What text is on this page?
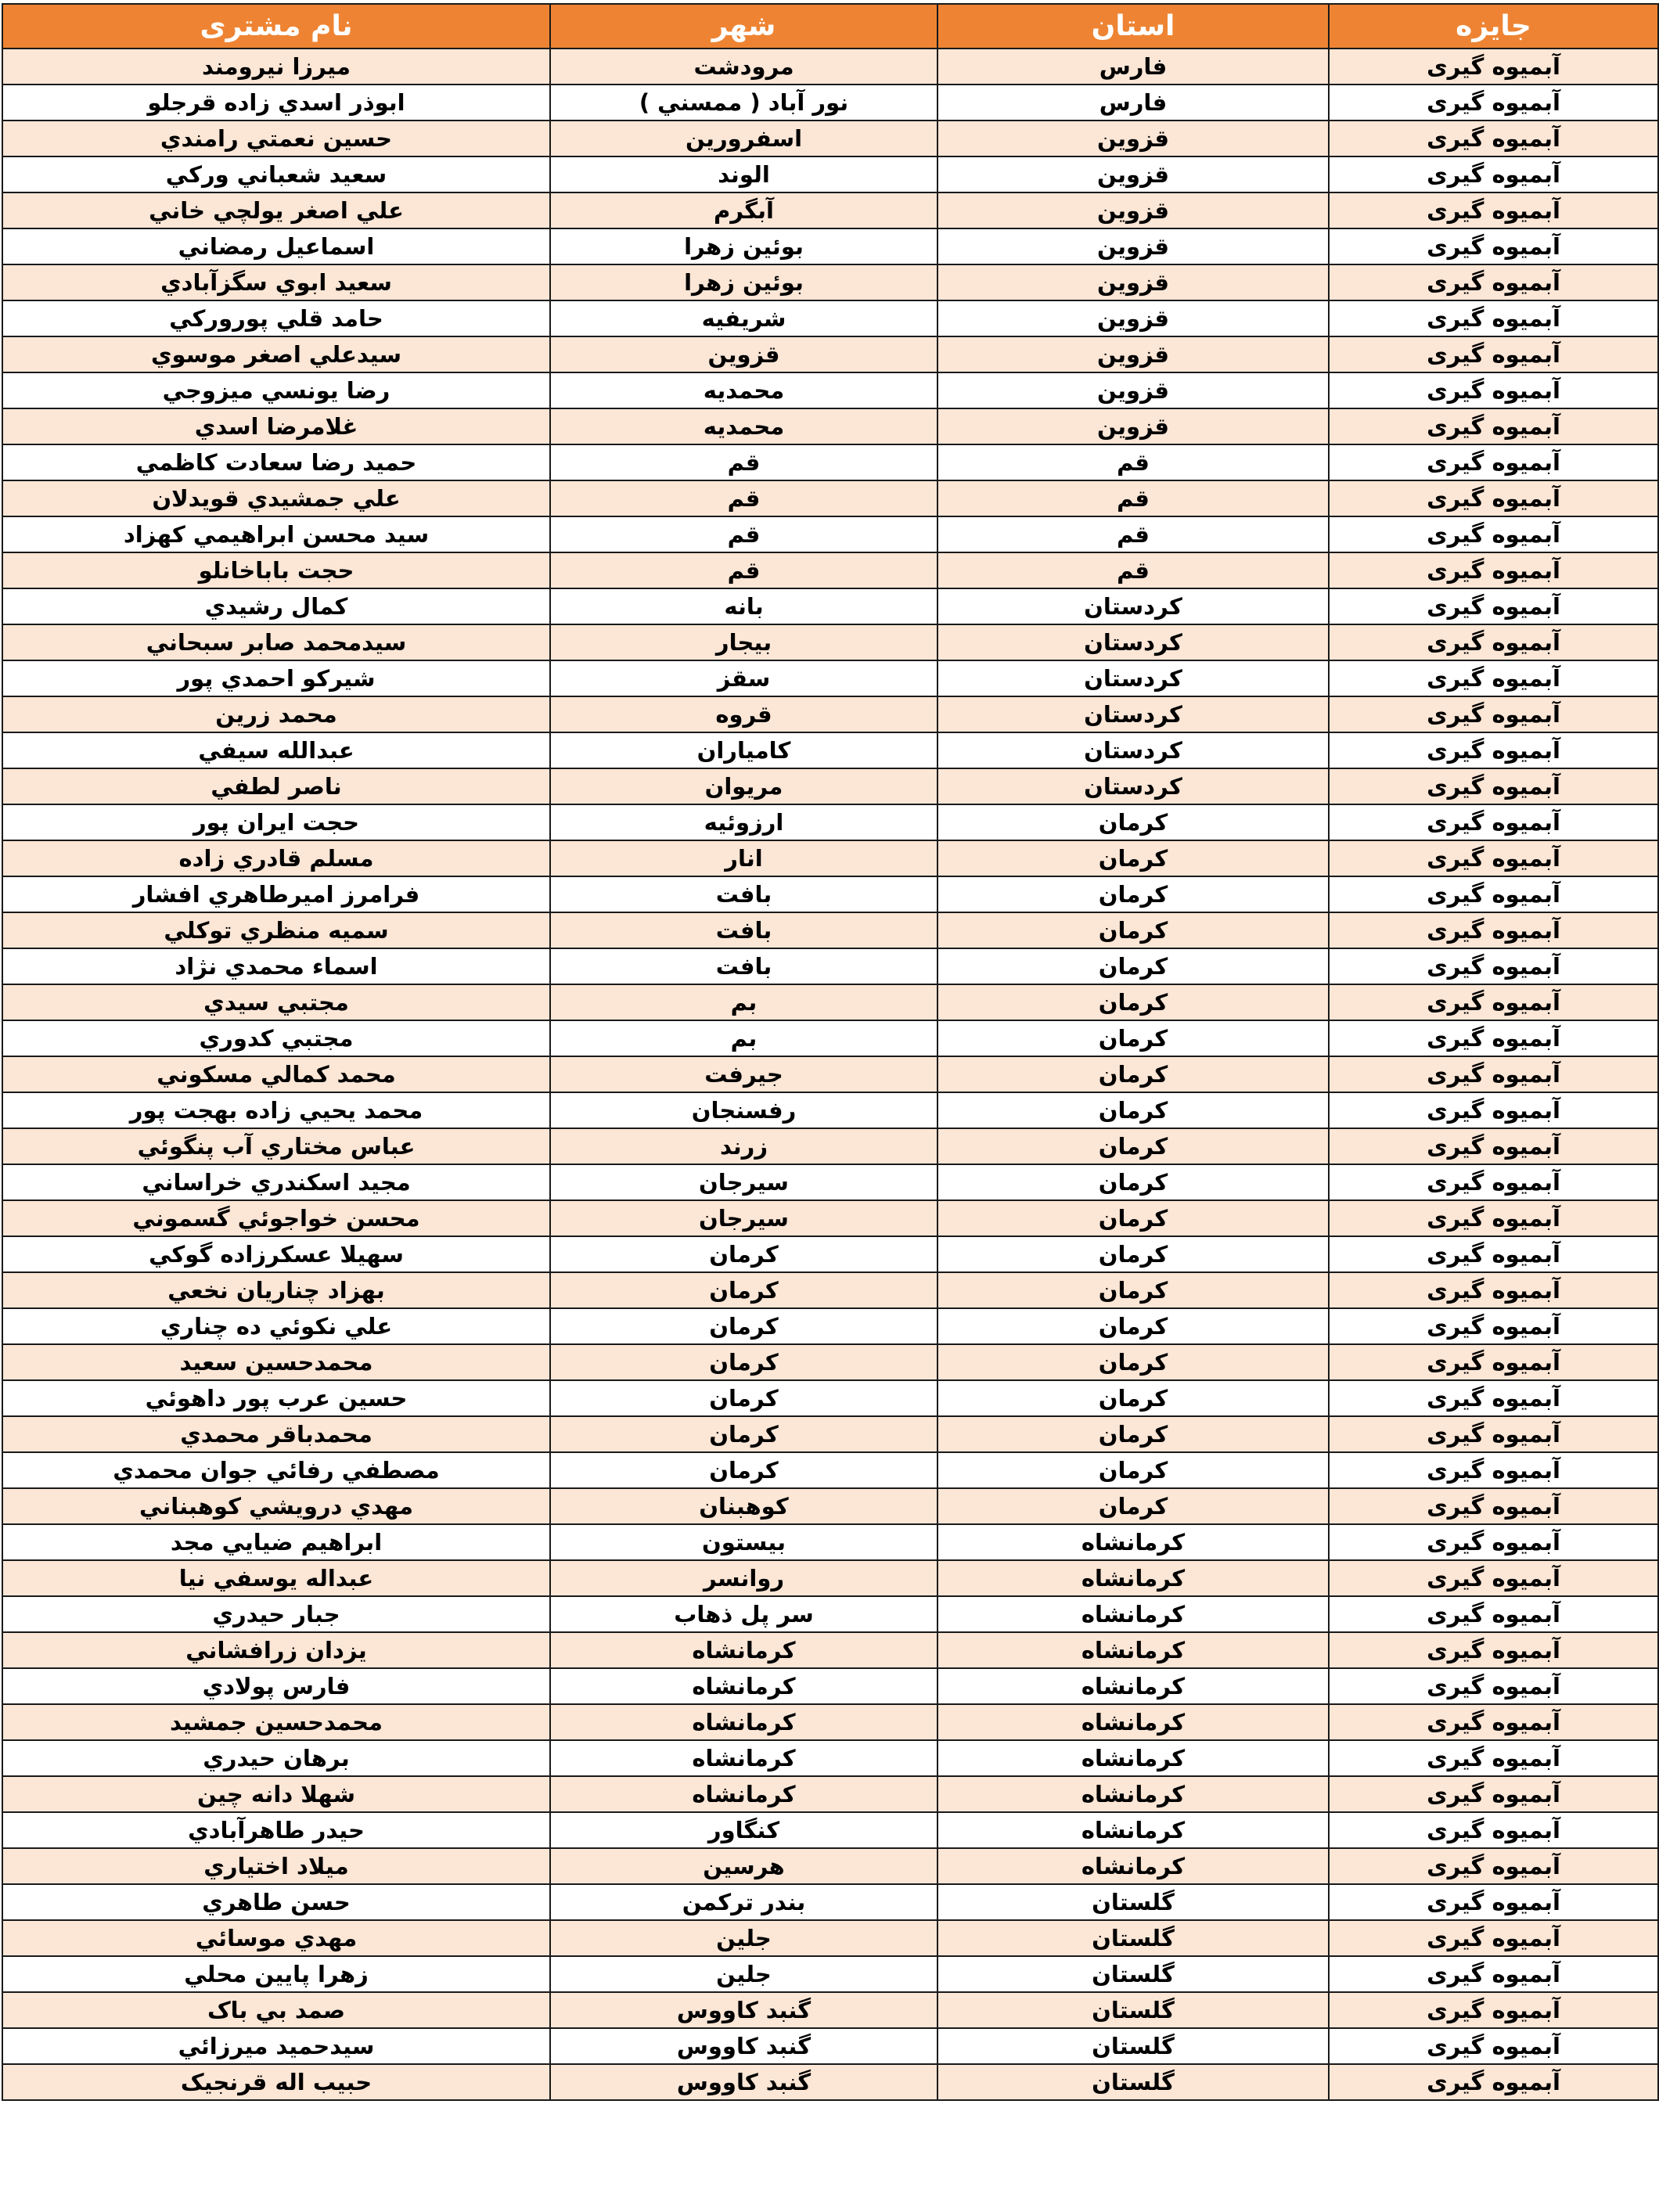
نام مشتری	شهر	استان	جایزه
ميرزا نيرومند	مرودشت	فارس	آبمیوه گیری
ابوذر اسدي زاده قرجلو	نور آباد ( ممسني )	فارس	آبمیوه گیری
حسين نعمتي رامندي	اسفرورين	قزوين	آبمیوه گیری
سعيد شعباني وركي	الوند	قزوين	آبمیوه گیری
علي اصغر يولچي خاني	آبگرم	قزوين	آبمیوه گیری
اسماعيل رمضاني	بوئين زهرا	قزوين	آبمیوه گیری
سعيد ابوي سگزآبادي	بوئين زهرا	قزوين	آبمیوه گیری
حامد قلي پورورکي	شريفيه	قزوين	آبمیوه گیری
سيدعلي اصغر موسوي	قزوين	قزوين	آبمیوه گیری
رضا يونسي ميزوجي	محمديه	قزوين	آبمیوه گیری
غلامرضا اسدي	محمديه	قزوين	آبمیوه گیری
حميد رضا سعادت کاظمي	قم	قم	آبمیوه گیری
علي جمشيدي قويدلان	قم	قم	آبمیوه گیری
سيد محسن ابراهيمي کهزاد	قم	قم	آبمیوه گیری
حجت باباخانلو	قم	قم	آبمیوه گیری
كمال رشيدي	بانه	كردستان	آبمیوه گیری
سيدمحمد صابر سبحاني	بيجار	كردستان	آبمیوه گیری
شيركو احمدي پور	سقز	كردستان	آبمیوه گیری
محمد زرين	قروه	كردستان	آبمیوه گیری
عبدالله سيفي	كامياران	كردستان	آبمیوه گیری
ناصر لطفي	مريوان	كردستان	آبمیوه گیری
حجت ايران پور	ارزوئيه	كرمان	آبمیوه گیری
مسلم قادري زاده	انار	كرمان	آبمیوه گیری
فرامرز اميرطاهري افشار	بافت	كرمان	آبمیوه گیری
سميه منظري توكلي	بافت	كرمان	آبمیوه گیری
اسماء محمدي نژاد	بافت	كرمان	آبمیوه گیری
مجتبي سيدي	بم	كرمان	آبمیوه گیری
مجتبي كدوري	بم	كرمان	آبمیوه گیری
محمد كمالي مسكوني	جيرفت	كرمان	آبمیوه گیری
محمد يحيي زاده بهجت پور	رفسنجان	كرمان	آبمیوه گیری
عباس مختاري آب پنگوئي	زرند	كرمان	آبمیوه گیری
مجيد اسكندري خراساني	سيرجان	كرمان	آبمیوه گیری
محسن خواجوئي گسموني	سيرجان	كرمان	آبمیوه گیری
سهيلا عسكرزاده گوكي	كرمان	كرمان	آبمیوه گیری
بهزاد چناريان نخعي	كرمان	كرمان	آبمیوه گیری
علي نكوئي ده چناري	كرمان	كرمان	آبمیوه گیری
محمدحسين سعيد	كرمان	كرمان	آبمیوه گیری
حسين عرب پور داهوئي	كرمان	كرمان	آبمیوه گیری
محمدباقر محمدي	كرمان	كرمان	آبمیوه گیری
مصطفي رفائي جوان محمدي	كرمان	كرمان	آبمیوه گیری
مهدي درويشي كوهبناني	كوهبنان	كرمان	آبمیوه گیری
ابراهيم ضيايي مجد	بيستون	كرمانشاه	آبمیوه گیری
عبداله يوسفي نيا	روانسر	كرمانشاه	آبمیوه گیری
جبار حيدري	سر پل ذهاب	كرمانشاه	آبمیوه گیری
يزدان زرافشاني	كرمانشاه	كرمانشاه	آبمیوه گیری
فارس پولادي	كرمانشاه	كرمانشاه	آبمیوه گیری
محمدحسين جمشيد	كرمانشاه	كرمانشاه	آبمیوه گیری
برهان حيدري	كرمانشاه	كرمانشاه	آبمیوه گیری
شهلا دانه چين	كرمانشاه	كرمانشاه	آبمیوه گیری
حيدر طاهرآبادي	كنگاور	كرمانشاه	آبمیوه گیری
ميلاد اختياري	هرسين	كرمانشاه	آبمیوه گیری
حسن طاهري	بندر تركمن	گلستان	آبمیوه گیری
مهدي موسائي	جلين	گلستان	آبمیوه گیری
زهرا پايين محلي	جلين	گلستان	آبمیوه گیری
صمد بي باک	گنبد كاووس	گلستان	آبمیوه گیری
سيدحميد ميرزائي	گنبد كاووس	گلستان	آبمیوه گیری
حبيب اله قرنجيک	گنبد كاووس	گلستان	آبمیوه گیری
